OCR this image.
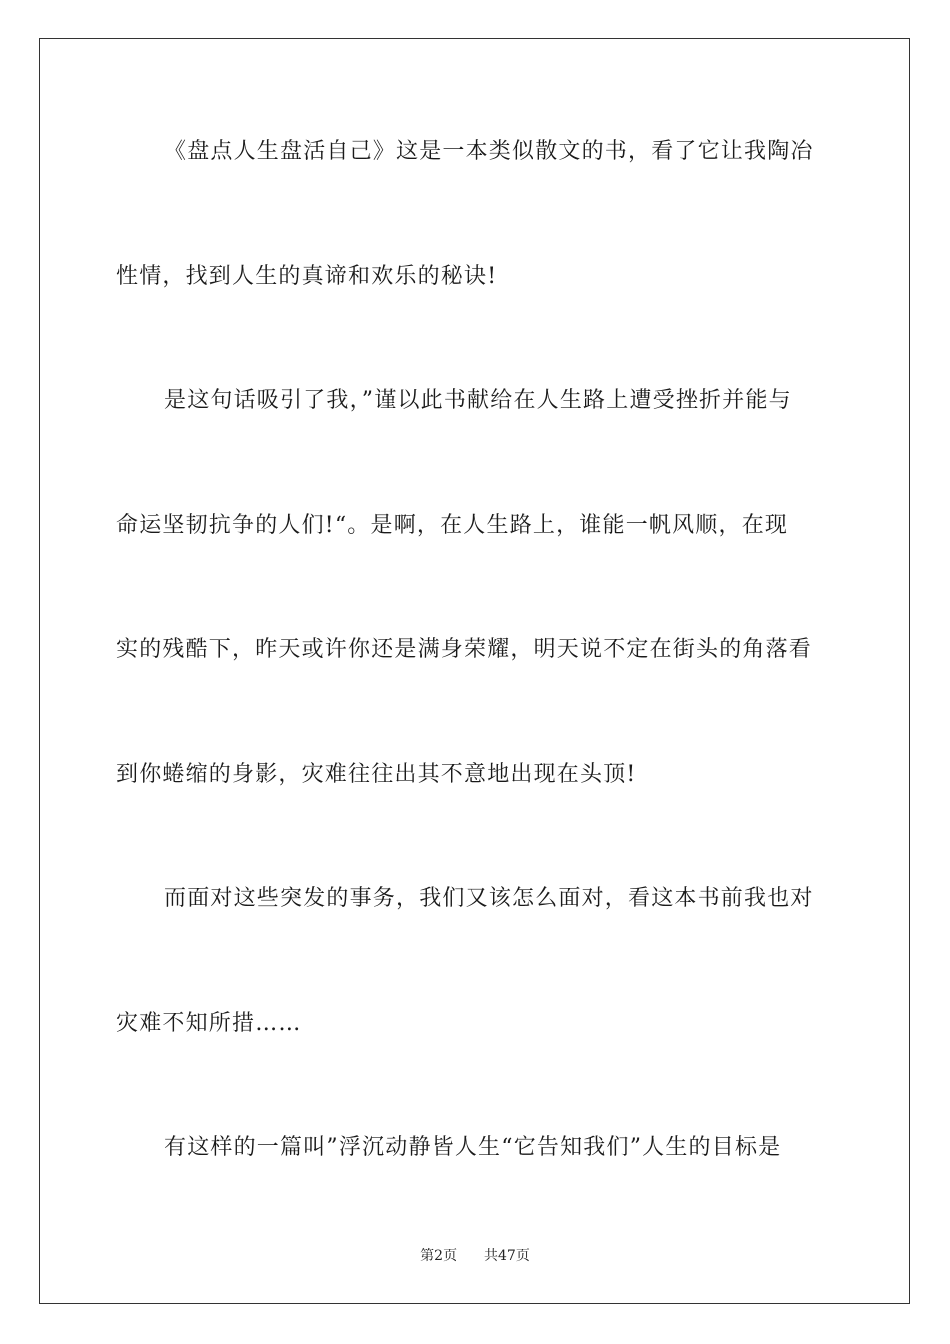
《盘点人生盘活自己》这是一本类似散文的书，看了它让我陶冶
性情，找到人生的真谛和欢乐的秘诀!
是这句话吸引了我，”谨以此书献给在人生路上遭受挫折并能与
命运坚韧抗争的人们!“。是啊，在人生路上，谁能一帆风顺，在现
实的残酷下，昨天或许你还是满身荣耀，明天说不定在街头的角落看
到你蜷缩的身影，灾难往往出其不意地出现在头顶!
而面对这些突发的事务，我们又该怎么面对，看这本书前我也对
灾难不知所措……
有这样的一篇叫”浮沉动静皆人生“它告知我们”人生的目标是
第2页 共47页
